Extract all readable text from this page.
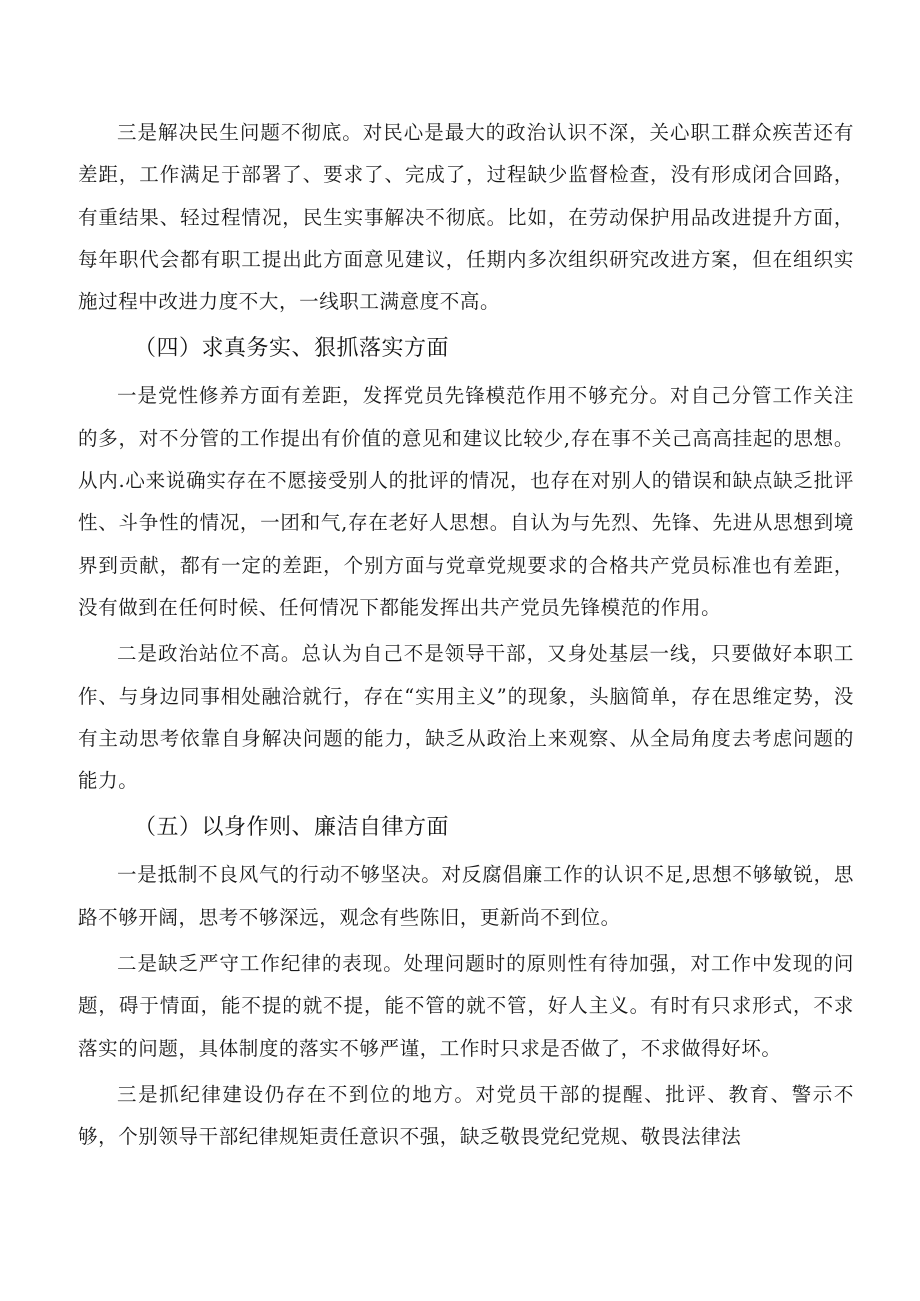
三是解决民生问题不彻底。对民心是最大的政治认识不深，关心职工群众疾苦还有差距，工作满足于部署了、要求了、完成了，过程缺少监督检查，没有形成闭合回路，有重结果、轻过程情况，民生实事解决不彻底。比如，在劳动保护用品改进提升方面，每年职代会都有职工提出此方面意见建议，任期内多次组织研究改进方案，但在组织实施过程中改进力度不大，一线职工满意度不高。

（四）求真务实、狠抓落实方面

一是党性修养方面有差距，发挥党员先锋模范作用不够充分。对自己分管工作关注的多，对不分管的工作提出有价值的意见和建议比较少,存在事不关己高高挂起的思想。从内.心来说确实存在不愿接受别人的批评的情况，也存在对别人的错误和缺点缺乏批评性、斗争性的情况，一团和气,存在老好人思想。自认为与先烈、先锋、先进从思想到境界到贡献，都有一定的差距，个别方面与党章党规要求的合格共产党员标准也有差距，没有做到在任何时候、任何情况下都能发挥出共产党员先锋模范的作用。

二是政治站位不高。总认为自己不是领导干部，又身处基层一线，只要做好本职工作、与身边同事相处融洽就行，存在“实用主义”的现象，头脑简单，存在思维定势，没有主动思考依靠自身解决问题的能力，缺乏从政治上来观察、从全局角度去考虑问题的能力。

（五）以身作则、廉洁自律方面

一是抵制不良风气的行动不够坚决。对反腐倡廉工作的认识不足,思想不够敏锐，思路不够开阔，思考不够深远，观念有些陈旧，更新尚不到位。

二是缺乏严守工作纪律的表现。处理问题时的原则性有待加强，对工作中发现的问题，碍于情面，能不提的就不提，能不管的就不管，好人主义。有时有只求形式，不求落实的问题，具体制度的落实不够严谨，工作时只求是否做了，不求做得好坏。

三是抓纪律建设仍存在不到位的地方。对党员干部的提醒、批评、教育、警示不够，个别领导干部纪律规矩责任意识不强，缺乏敬畏党纪党规、敬畏法律法
